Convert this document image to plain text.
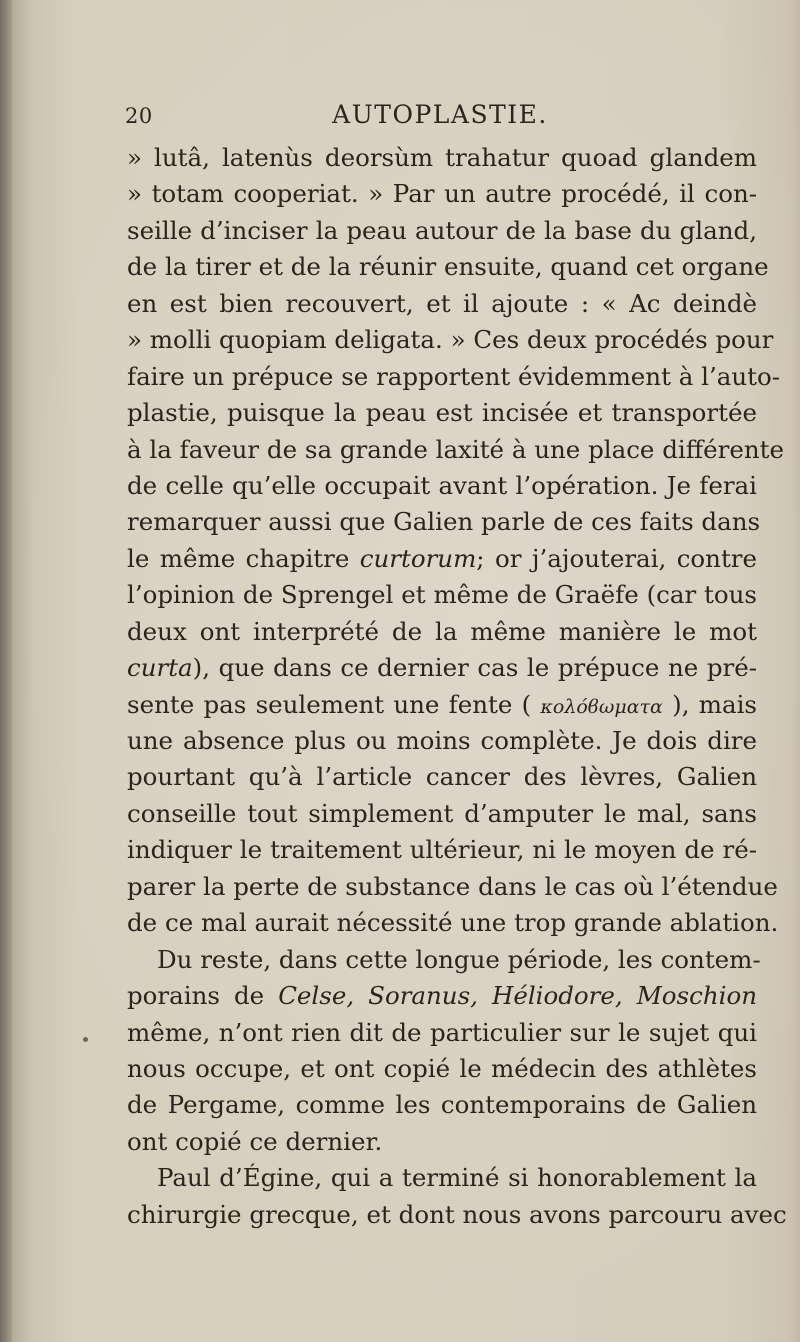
20	AUTOPLASTIE.
» lutâ, latenùs deorsùm trahatur quoad glandem
» totam cooperiat. » Par un autre procédé, il con-
seille d’inciser la peau autour de la base du gland,
de la tirer et de la réunir ensuite, quand cet organe
en est bien recouvert, et il ajoute : « Ac deindè
» molli quopiam deligata. » Ces deux procédés pour
faire un prépuce se rapportent évidemment à l’auto-
plastie, puisque la peau est incisée et transportée
à la faveur de sa grande laxité à une place différente
de celle qu’elle occupait avant l’opération. Je ferai
remarquer aussi que Galien parle de ces faits dans
le même chapitre curtorum; or j’ajouterai, contre
l’opinion de Sprengel et même de Graëfe (car tous
deux ont interprété de la même manière le mot
curta), que dans ce dernier cas le prépuce ne pré-
sente pas seulement une fente ( κολόϐωματα ), mais
une absence plus ou moins complète. Je dois dire
pourtant qu’à l’article cancer des lèvres, Galien
conseille tout simplement d’amputer le mal, sans
indiquer le traitement ultérieur, ni le moyen de ré-
parer la perte de substance dans le cas où l’étendue
de ce mal aurait nécessité une trop grande ablation.
Du reste, dans cette longue période, les contem-
porains de Celse, Soranus, Héliodore, Moschion
même, n’ont rien dit de particulier sur le sujet qui
nous occupe, et ont copié le médecin des athlètes
de Pergame, comme les contemporains de Galien
ont copié ce dernier.
Paul d’Égine, qui a terminé si honorablement la
chirurgie grecque, et dont nous avons parcouru avec
